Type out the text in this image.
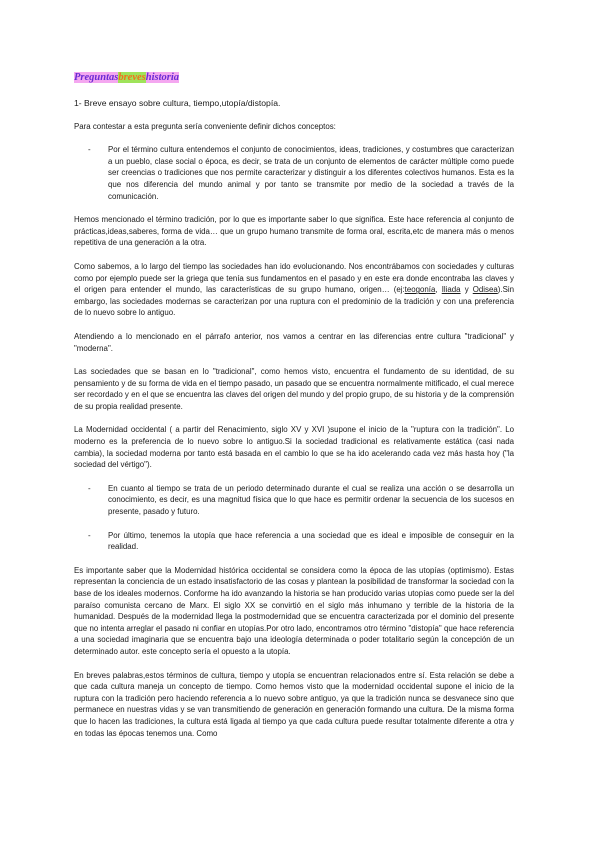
Preguntasbreveshistoria

1- Breve ensayo sobre cultura, tiempo,utopía/distopía.

Para contestar a esta pregunta sería conveniente definir dichos conceptos:

-	Por el término cultura entendemos el conjunto de conocimientos, ideas, tradiciones, y costumbres que caracterizan a un pueblo, clase social o época, es decir, se trata de un conjunto de elementos de carácter múltiple como puede ser creencias o tradiciones que nos permite caracterizar y distinguir a los diferentes colectivos humanos. Esta es la que nos diferencia del mundo animal y por tanto se transmite por medio de la sociedad a través de la comunicación.

Hemos mencionado el término tradición, por lo que es importante saber lo que significa. Este hace referencia al conjunto de prácticas,ideas,saberes, forma de vida… que un grupo humano transmite de forma oral, escrita,etc de manera más o menos repetitiva de una generación a la otra.

Como sabemos, a lo largo del tiempo las sociedades han ido evolucionando. Nos encontrábamos con sociedades y culturas como por ejemplo puede ser la griega que tenía sus fundamentos en el pasado y en este era donde encontraba las claves y el origen para entender el mundo, las características de su grupo humano, origen… (ej:teogonía, Iliada y Odisea).Sin embargo, las sociedades modernas se caracterizan por una ruptura con el predominio de la tradición y con una preferencia de lo nuevo sobre lo antiguo.

Atendiendo a lo mencionado en el párrafo anterior, nos vamos a centrar en las diferencias entre cultura "tradicional" y "moderna".

Las sociedades que se basan en lo "tradicional", como hemos visto, encuentra el fundamento de su identidad, de su pensamiento y de su forma de vida en el tiempo pasado, un pasado que se encuentra normalmente mitificado, el cual merece ser recordado y en el que se encuentra las claves del origen del mundo y del propio grupo, de su historia y de la comprensión de su propia realidad presente.

La Modernidad occidental ( a partir del Renacimiento, siglo XV y XVI )supone el inicio de la "ruptura con la tradición". Lo moderno es la preferencia de lo nuevo sobre lo antiguo.Si la sociedad tradicional es relativamente estática (casi nada cambia), la sociedad moderna por tanto está basada en el cambio lo que se ha ido acelerando cada vez más hasta hoy ("la sociedad del vértigo").

-	En cuanto al tiempo se trata de un periodo determinado durante el cual se realiza una acción o se desarrolla un conocimiento, es decir, es una magnitud física que lo que hace es permitir ordenar la secuencia de los sucesos en presente, pasado y futuro.

-	Por último, tenemos la utopía que hace referencia a una sociedad que es ideal e imposible de conseguir en la realidad.

Es importante saber que la Modernidad histórica occidental se considera como la época de las utopías (optimismo). Estas representan la conciencia de un estado insatisfactorio de las cosas y plantean la posibilidad de transformar la sociedad con la base de los ideales modernos. Conforme ha ido avanzando la historia se han producido varias utopías como puede ser la del paraíso comunista cercano de Marx. El siglo XX se convirtió en el siglo más inhumano y terrible de la historia de la humanidad. Después de la modernidad llega la postmodernidad que se encuentra caracterizada por el dominio del presente que no intenta arreglar el pasado ni confiar en utopías.Por otro lado, encontramos otro término "distopía" que hace referencia a una sociedad imaginaria que se encuentra bajo una ideología determinada o poder totalitario según la concepción de un determinado autor. este concepto sería el opuesto a la utopía.

En breves palabras,estos términos de cultura, tiempo y utopía se encuentran relacionados entre sí. Esta relación se debe a que cada cultura maneja un concepto de tiempo. Como hemos visto que la modernidad occidental supone el inicio de la ruptura con la tradición pero haciendo referencia a lo nuevo sobre antiguo, ya que la tradición nunca se desvanece sino que permanece en nuestras vidas y se van transmitiendo de generación en generación formando una cultura. De la misma forma que lo hacen las tradiciones, la cultura está ligada al tiempo ya que cada cultura puede resultar totalmente diferente a otra y en todas las épocas tenemos una. Como
